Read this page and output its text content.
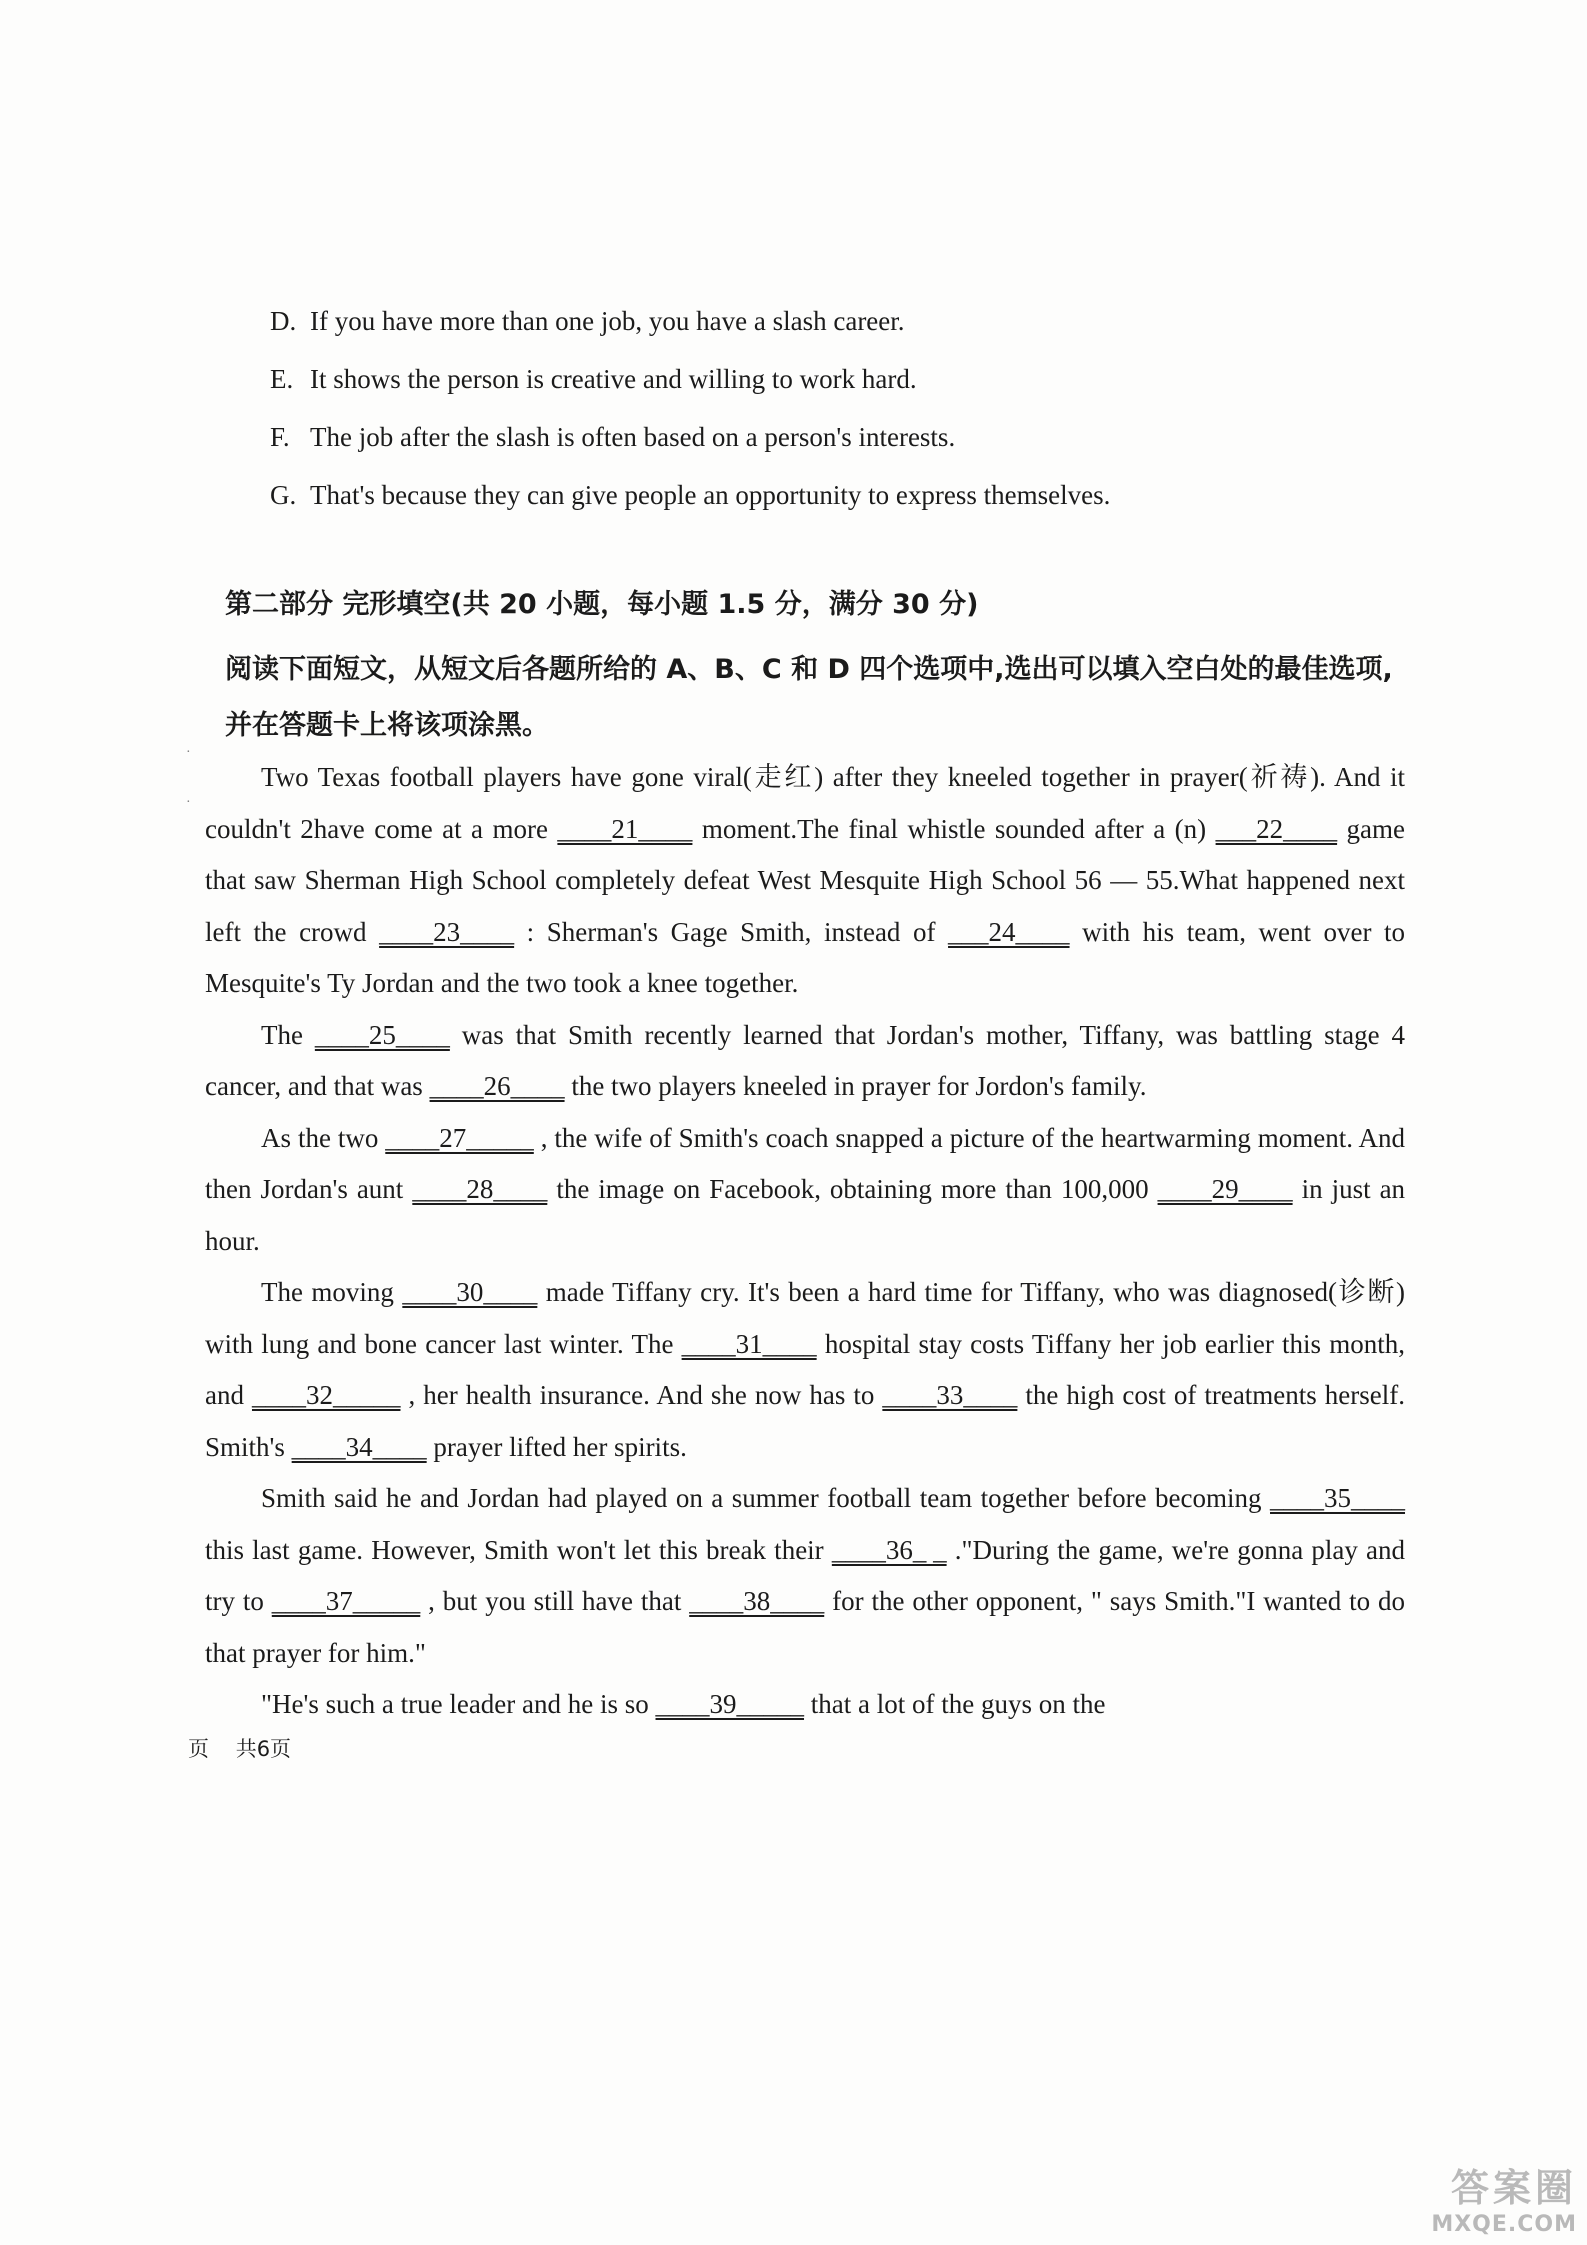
D. If you have more than one job, you have a slash career.
E. It shows the person is creative and willing to work hard.
F. The job after the slash is often based on a person's interests.
G. That's because they can give people an opportunity to express themselves.
第二部分 完形填空(共 20 小题，每小题 1.5 分，满分 30 分)
阅读下面短文，从短文后各题所给的 A、B、C 和 D 四个选项中,选出可以填入空白处的最佳选项,并在答题卡上将该项涂黑。
·
·

Two Texas football players have gone viral(走红) after they kneeled together in prayer(祈祷). And it couldn't 2have come at a more ____21____ moment.The final whistle sounded after a (n) ___22____ game that saw Sherman High School completely defeat West Mesquite High School 56 — 55.What happened next left the crowd ____23____ : Sherman's Gage Smith, instead of ___24____ with his team, went over to Mesquite's Ty Jordan and the two took a knee together.

The ____25____ was that Smith recently learned that Jordan's mother, Tiffany, was battling stage 4 cancer, and that was ____26____ the two players kneeled in prayer for Jordon's family.

As the two ____27_____ , the wife of Smith's coach snapped a picture of the heartwarming moment. And then Jordan's aunt ____28____ the image on Facebook, obtaining more than 100,000 ____29____ in just an hour.

The moving ____30____ made Tiffany cry. It's been a hard time for Tiffany, who was diagnosed(诊断) with lung and bone cancer last winter. The ____31____ hospital stay costs Tiffany her job earlier this month, and ____32_____ , her health insurance. And she now has to ____33____ the high cost of treatments herself. Smith's ____34____ prayer lifted her spirits.

Smith said he and Jordan had played on a summer football team together before becoming ____35____ this last game. However, Smith won't let this break their ____36_ _ ."During the game, we're gonna play and try to ____37_____ , but you still have that ____38____ for the other opponent, " says Smith."I wanted to do that prayer for him."

"He's such a true leader and he is so ____39_____ that a lot of the guys on the

页    共6页
答案圈
MXQE.COM
